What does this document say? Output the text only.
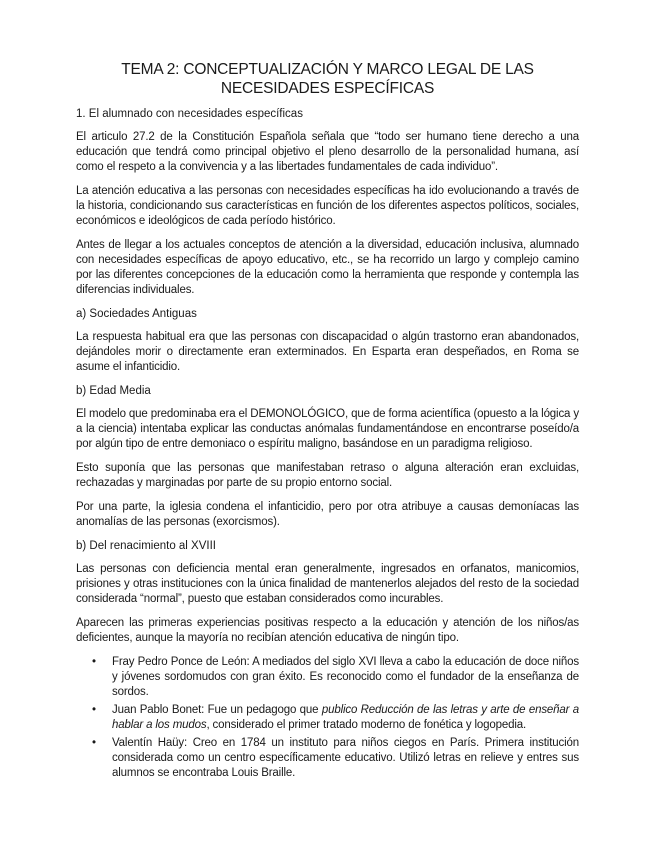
TEMA 2: CONCEPTUALIZACIÓN Y MARCO LEGAL DE LAS
NECESIDADES ESPECÍFICAS
1. El alumnado con necesidades específicas

El articulo 27.2 de la Constitución Española señala que “todo ser humano tiene derecho a una educación que tendrá como principal objetivo el pleno desarrollo de la personalidad humana, así como el respeto a la convivencia y a las libertades fundamentales de cada individuo”.

La atención educativa a las personas con necesidades específicas ha ido evolucionando a través de la historia, condicionando sus características en función de los diferentes aspectos políticos, sociales, económicos e ideológicos de cada período histórico.

Antes de llegar a los actuales conceptos de atención a la diversidad, educación inclusiva, alumnado con necesidades específicas de apoyo educativo, etc., se ha recorrido un largo y complejo camino por las diferentes concepciones de la educación como la herramienta que responde y contempla las diferencias individuales.

a) Sociedades Antiguas

La respuesta habitual era que las personas con discapacidad o algún trastorno eran abandonados, dejándoles morir o directamente eran exterminados. En Esparta eran despeñados, en Roma se asume el infanticidio.

b) Edad Media

El modelo que predominaba era el DEMONOLÓGICO, que de forma acientífica (opuesto a la lógica y a la ciencia) intentaba explicar las conductas anómalas fundamentándose en encontrarse poseído/a por algún tipo de entre demoniaco o espíritu maligno, basándose en un paradigma religioso.

Esto suponía que las personas que manifestaban retraso o alguna alteración eran excluidas, rechazadas y marginadas por parte de su propio entorno social.

Por una parte, la iglesia condena el infanticidio, pero por otra atribuye a causas demoníacas las anomalías de las personas (exorcismos).

b) Del renacimiento al XVIII

Las personas con deficiencia mental eran generalmente, ingresados en orfanatos, manicomios, prisiones y otras instituciones con la única finalidad de mantenerlos alejados del resto de la sociedad considerada “normal”, puesto que estaban considerados como incurables.

Aparecen las primeras experiencias positivas respecto a la educación y atención de los niños/as deficientes, aunque la mayoría no recibían atención educativa de ningún tipo.

• Fray Pedro Ponce de León: A mediados del siglo XVI lleva a cabo la educación de doce niños y jóvenes sordomudos con gran éxito. Es reconocido como el fundador de la enseñanza de sordos.
• Juan Pablo Bonet: Fue un pedagogo que publico Reducción de las letras y arte de enseñar a hablar a los mudos, considerado el primer tratado moderno de fonética y logopedia.
• Valentín Haüy: Creo en 1784 un instituto para niños ciegos en París. Primera institución considerada como un centro específicamente educativo. Utilizó letras en relieve y entres sus alumnos se encontraba Louis Braille.
